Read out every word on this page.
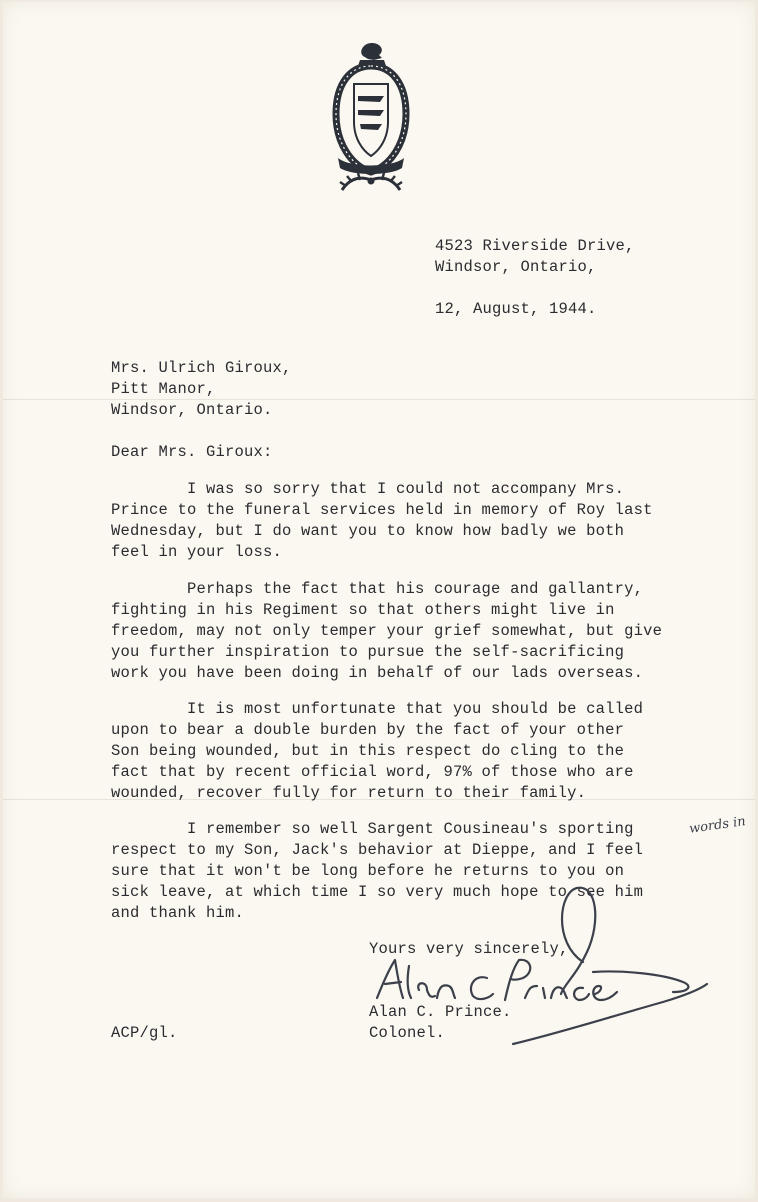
4523 Riverside Drive,
Windsor, Ontario,
12, August, 1944.
Mrs. Ulrich Giroux,
Pitt Manor,
Windsor, Ontario.
Dear Mrs. Giroux:
I was so sorry that I could not accompany Mrs.
Prince to the funeral services held in memory of Roy last
Wednesday, but I do want you to know how badly we both
feel in your loss.
Perhaps the fact that his courage and gallantry,
fighting in his Regiment so that others might live in
freedom, may not only temper your grief somewhat, but give
you further inspiration to pursue the self-sacrificing
work you have been doing in behalf of our lads overseas.
It is most unfortunate that you should be called
upon to bear a double burden by the fact of your other
Son being wounded, but in this respect do cling to the
fact that by recent official word, 97% of those who are
wounded, recover fully for return to their family.
I remember so well Sargent Cousineau's sporting
respect to my Son, Jack's behavior at Dieppe, and I feel
sure that it won't be long before he returns to you on
sick leave, at which time I so very much hope to see him
and thank him.
words in
Yours very sincerely,
Alan C. Prince.
Colonel.
ACP/gl.
